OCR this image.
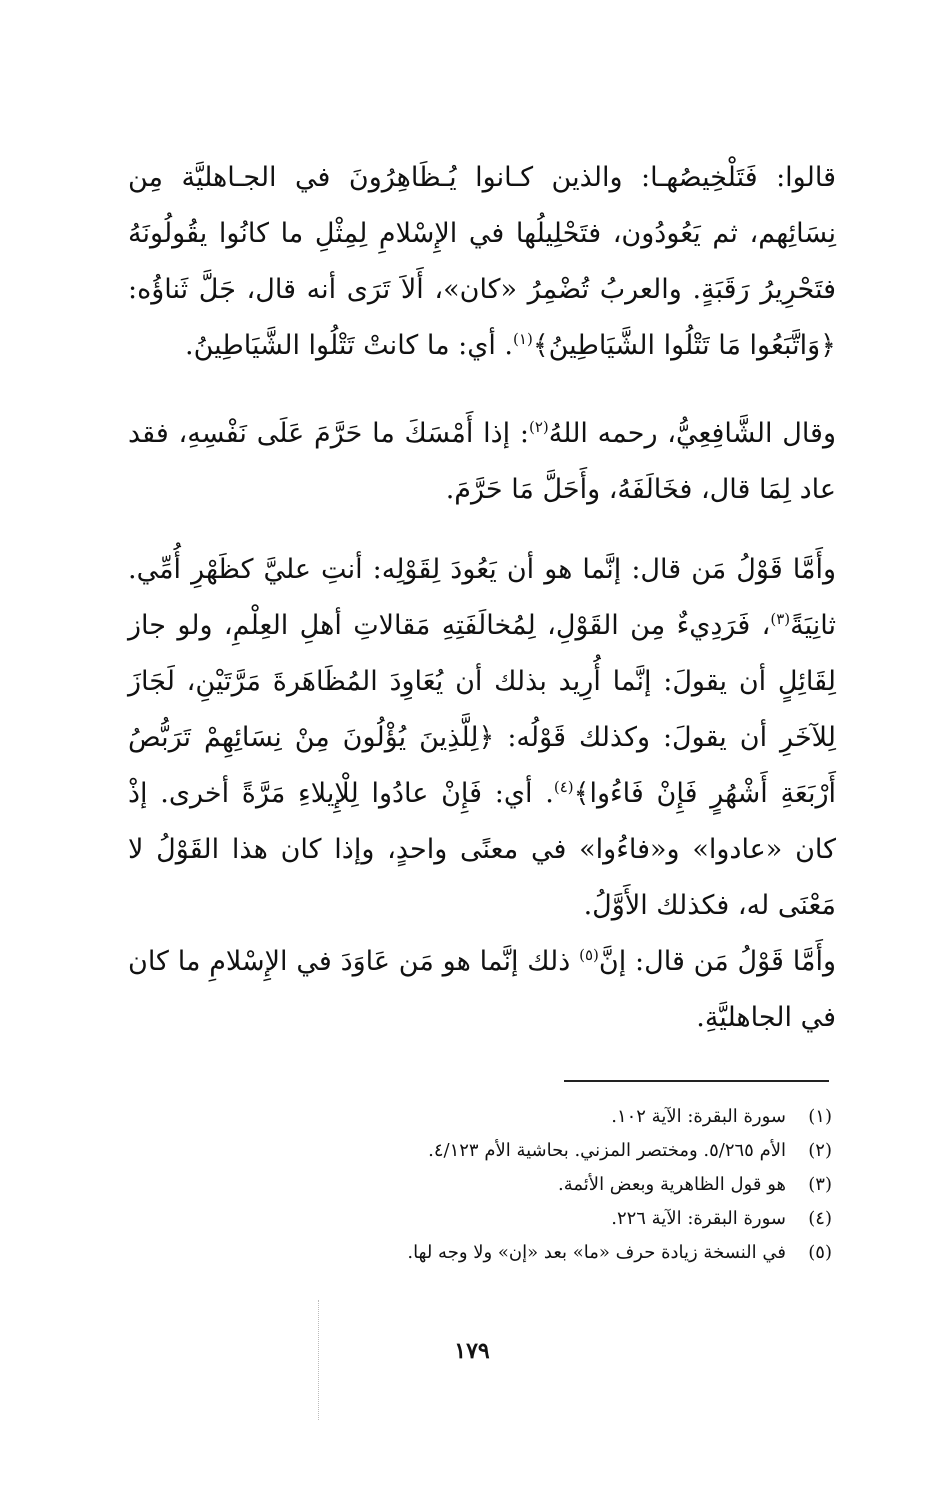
قالوا: فَتَلْخِيصُهـا: والذين كـانوا يُـظَاهِرُونَ في الجـاهليَّة مِن نِسَائِهم، ثم يَعُودُون، فتَحْلِيلُها في الإِسْلامِ لِمِثْلِ ما كانُوا يقُولُونَهُ فتَحْرِيرُ رَقَبَةٍ. والعربُ تُضْمِرُ «كان»، أَلاَ تَرَى أنه قال، جَلَّ ثَناؤُه: ﴿وَاتَّبَعُوا مَا تَتْلُوا الشَّيَاطِينُ﴾$^{(١)}$. أي: ما كانتْ تَتْلُوا الشَّيَاطِينُ.

وقال الشَّافِعِيُّ، رحمه اللهُ$^{(٢)}$: إذا أَمْسَكَ ما حَرَّمَ عَلَى نَفْسِهِ، فقد عاد لِمَا قال، فخَالَفَهُ، وأَحَلَّ مَا حَرَّمَ.

وأَمَّا قَوْلُ مَن قال: إنَّما هو أن يَعُودَ لِقَوْلِه: أنتِ عليَّ كظَهْرِ أُمِّي. ثانِيَةً$^{(٣)}$، فَرَدِيءٌ مِن القَوْلِ، لِمُخالَفَتِهِ مَقالاتِ أهلِ العِلْمِ، ولو جاز لِقَائِلٍ أن يقولَ: إنَّما أُرِيد بذلك أن يُعَاوِدَ المُظَاهَرةَ مَرَّتَيْنِ، لَجَازَ لِلآخَرِ أن يقولَ: وكذلك قَوْلُه: ﴿لِلَّذِينَ يُؤْلُونَ مِنْ نِسَائِهِمْ تَرَبُّصُ أَرْبَعَةِ أَشْهُرٍ فَإِنْ فَاءُوا﴾$^{(٤)}$. أي: فَإِنْ عادُوا لِلْإِيلاءِ مَرَّةً أخرى. إذْ كان «عادوا» و«فاءُوا» في معنًى واحدٍ، وإذا كان هذا القَوْلُ لا مَعْنَى له، فكذلك الأَوَّلُ.

وأَمَّا قَوْلُ مَن قال: إنَّ$^{(٥)}$ ذلك إنَّما هو مَن عَاوَدَ في الإِسْلامِ ما كان في الجاهليَّةِ.

(١)سورة البقرة: الآية ١٠٢.
(٢)الأم ٥/٢٦٥. ومختصر المزني. بحاشية الأم ٤/١٢٣.
(٣)هو قول الظاهرية وبعض الأئمة.
(٤)سورة البقرة: الآية ٢٢٦.
(٥)في النسخة زيادة حرف «ما» بعد «إن» ولا وجه لها.
١٧٩
